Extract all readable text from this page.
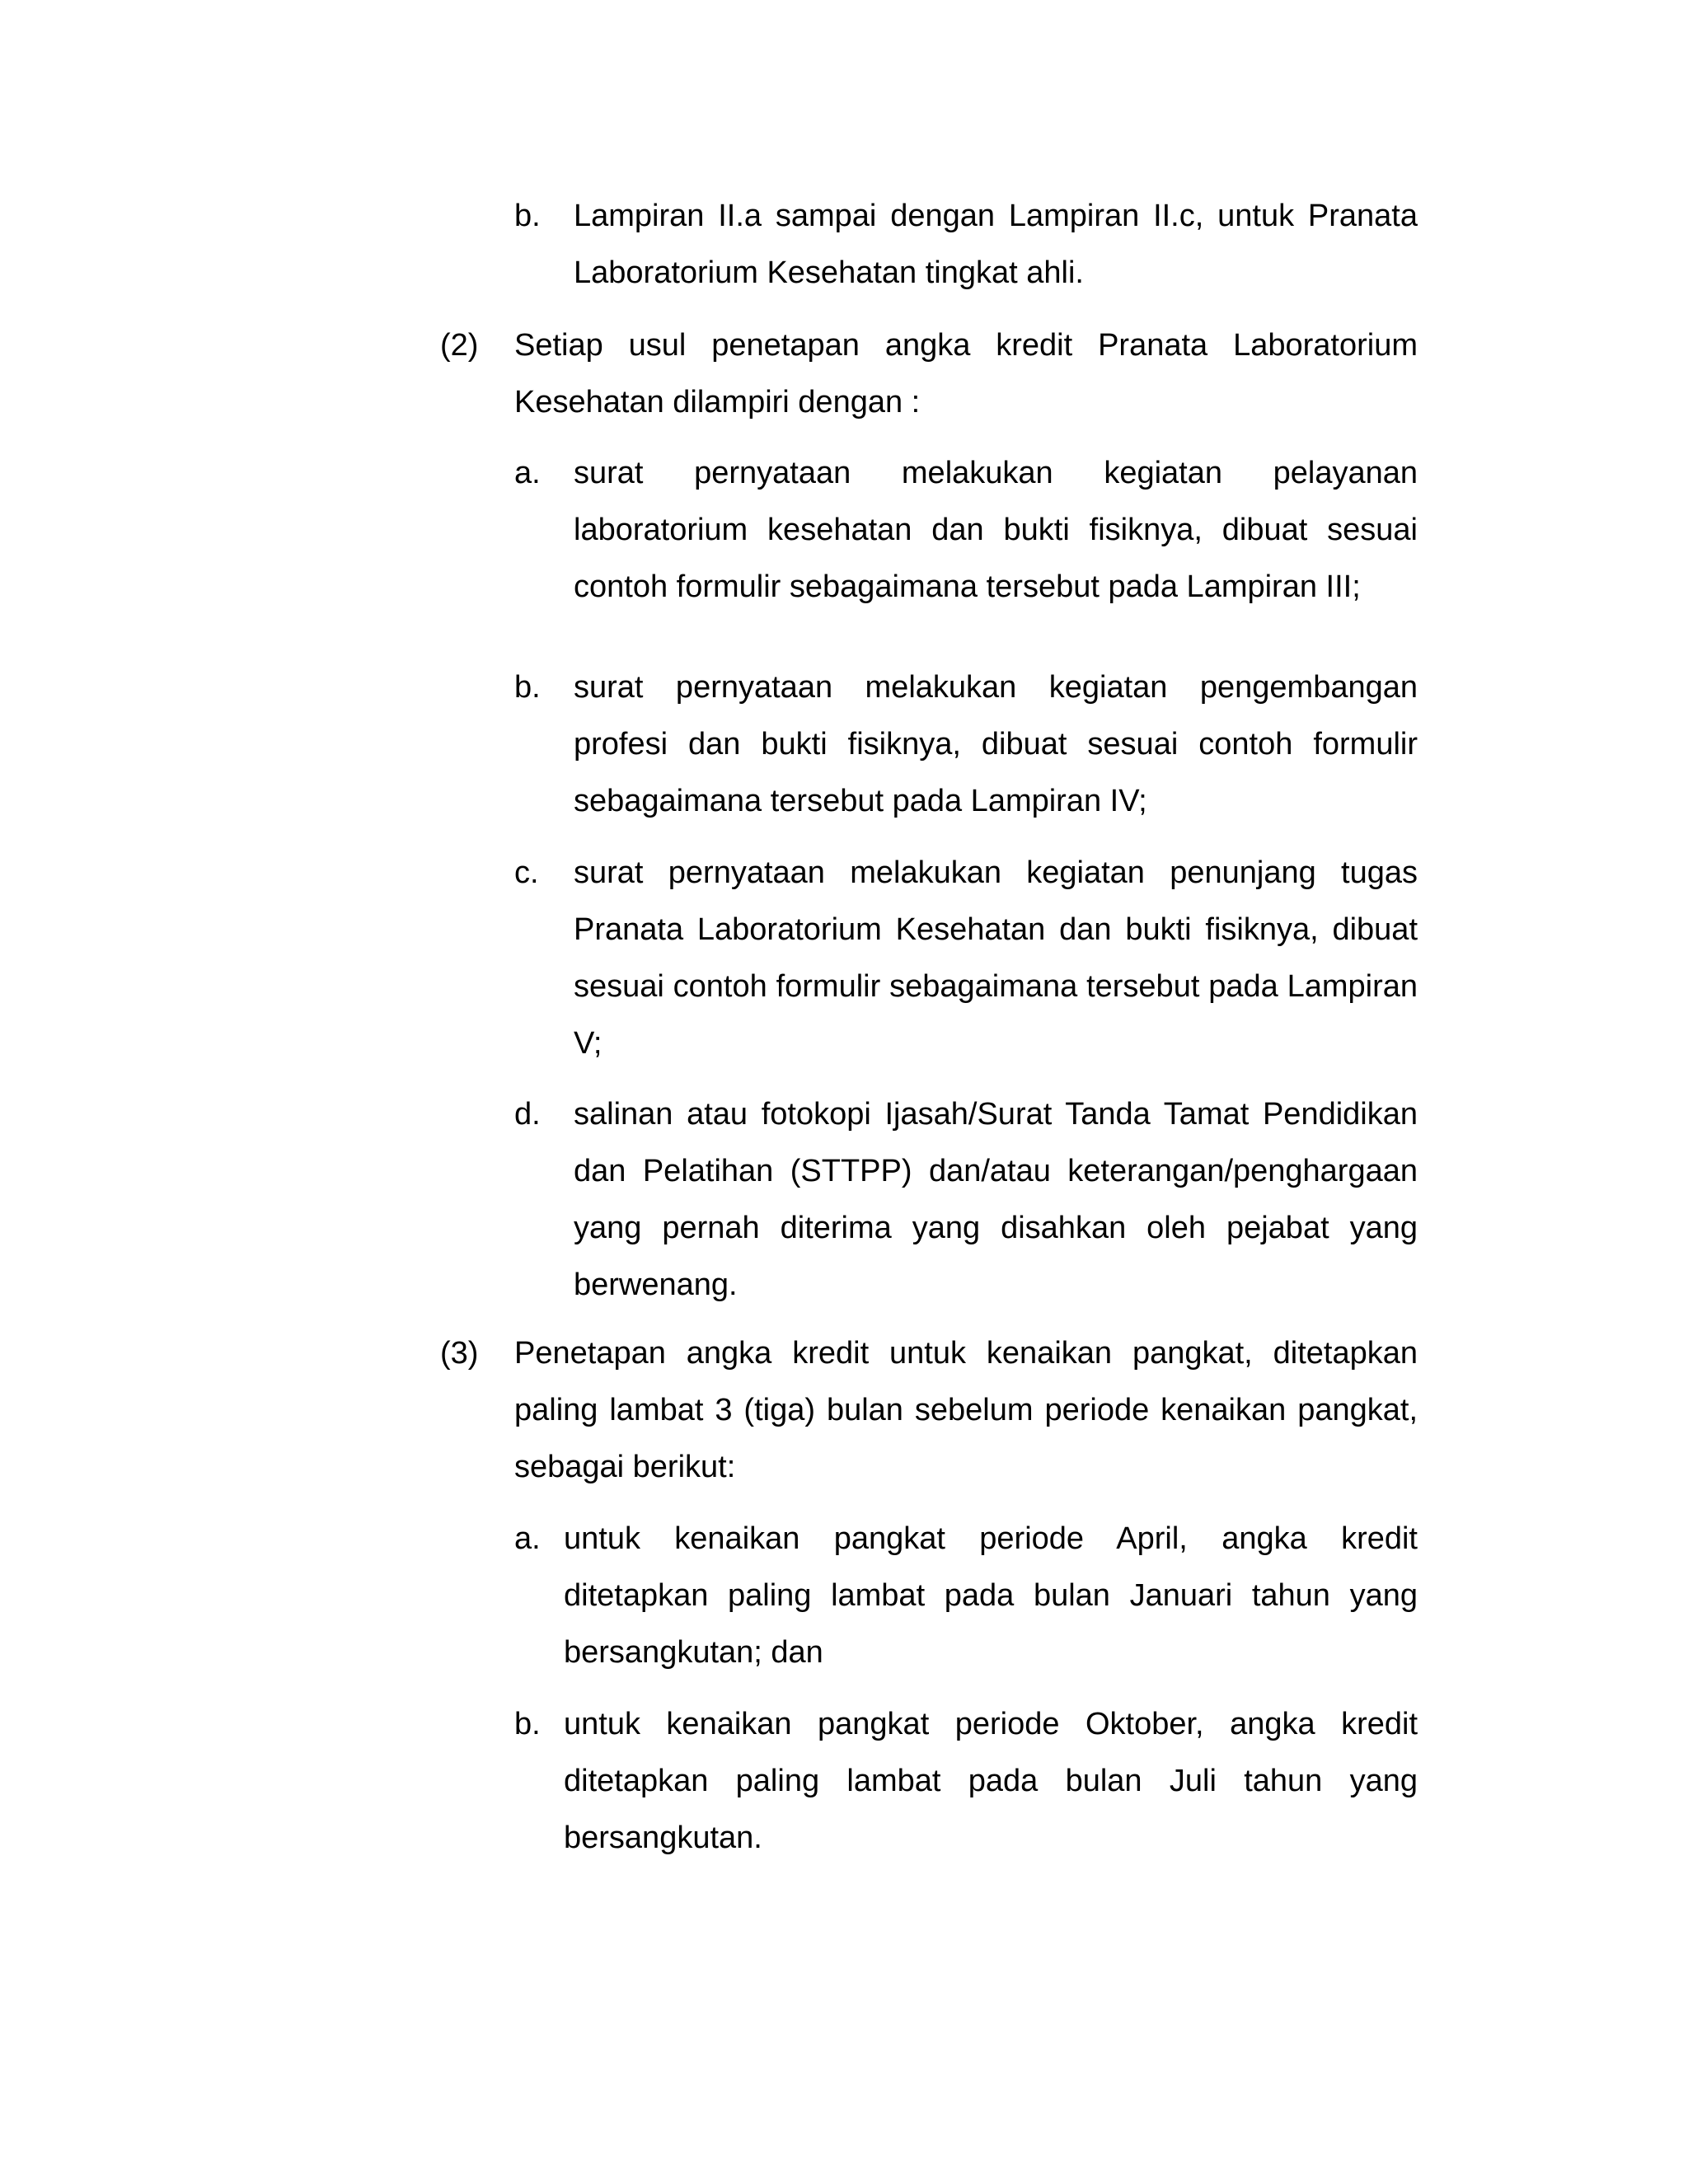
b. Lampiran II.a sampai dengan Lampiran II.c, untuk Pranata Laboratorium Kesehatan tingkat ahli.
(2) Setiap usul penetapan angka kredit Pranata Laboratorium Kesehatan dilampiri dengan :
a. surat pernyataan melakukan kegiatan pelayanan laboratorium kesehatan dan bukti fisiknya, dibuat sesuai contoh formulir sebagaimana tersebut pada Lampiran III;
b. surat pernyataan melakukan kegiatan pengembangan profesi dan bukti fisiknya, dibuat sesuai contoh formulir sebagaimana tersebut pada Lampiran IV;
c. surat pernyataan melakukan kegiatan penunjang tugas Pranata Laboratorium Kesehatan dan bukti fisiknya, dibuat sesuai contoh formulir sebagaimana tersebut pada Lampiran V;
d. salinan atau fotokopi Ijasah/Surat Tanda Tamat Pendidikan dan Pelatihan (STTPP) dan/atau keterangan/penghargaan yang pernah diterima yang disahkan oleh pejabat yang berwenang.
(3) Penetapan angka kredit untuk kenaikan pangkat, ditetapkan paling lambat 3 (tiga) bulan sebelum periode kenaikan pangkat, sebagai berikut:
a. untuk kenaikan pangkat periode April, angka kredit ditetapkan paling lambat pada bulan Januari tahun yang bersangkutan; dan
b. untuk kenaikan pangkat periode Oktober, angka kredit ditetapkan paling lambat pada bulan Juli tahun yang bersangkutan.
